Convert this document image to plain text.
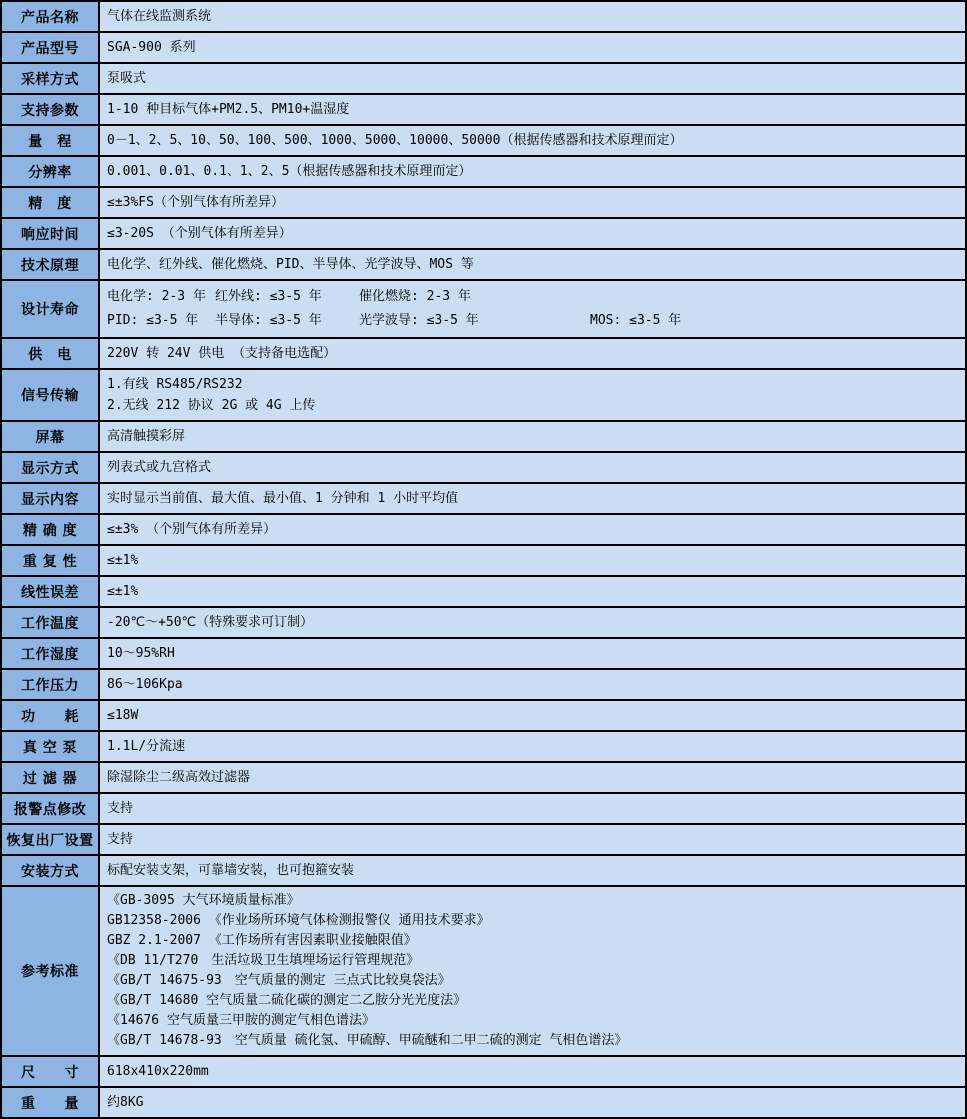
产品名称	气体在线监测系统
产品型号	SGA-900 系列
采样方式	泵吸式
支持参数	1-10 种目标气体+PM2.5、PM10+温湿度
量　程	0－1、2、5、10、50、100、500、1000、5000、10000、50000（根据传感器和技术原理而定）
分辨率	0.001、0.01、0.1、1、2、5（根据传感器和技术原理而定）
精　度	≤±3%FS（个别气体有所差异）
响应时间	≤3-20S （个别气体有所差异）
技术原理	电化学、红外线、催化燃烧、PID、半导体、光学波导、MOS 等
设计寿命	电化学: 2-3 年 红外线: ≤3-5 年 催化燃烧: 2-3 年
PID: ≤3-5 年 半导体: ≤3-5 年 光学波导: ≤3-5 年 MOS: ≤3-5 年

供　电	220V 转 24V 供电 （支持备电选配）
信号传输	1.有线 RS485/RS232
2.无线 212 协议 2G 或 4G 上传

屏幕	高清触摸彩屏
显示方式	列表式或九宫格式
显示内容	实时显示当前值、最大值、最小值、1 分钟和 1 小时平均值
精 确 度	≤±3% （个别气体有所差异）
重 复 性	≤±1%
线性误差	≤±1%
工作温度	-20℃～+50℃（特殊要求可订制）
工作湿度	10～95%RH
工作压力	86～106Kpa
功　　耗	≤18W
真 空 泵	1.1L/分流速
过 滤 器	除湿除尘二级高效过滤器
报警点修改	支持
恢复出厂设置	支持
安装方式	标配安装支架，可靠墙安装，也可抱箍安装
参考标准	
《GB-3095 大气环境质量标准》
GB12358-2006 《作业场所环境气体检测报警仪 通用技术要求》
GBZ 2.1-2007 《工作场所有害因素职业接触限值》
《DB 11/T270　生活垃圾卫生填埋场运行管理规范》
《GB/T 14675-93　空气质量的测定 三点式比较臭袋法》
《GB/T 14680 空气质量二硫化碳的测定二乙胺分光光度法》
《14676 空气质量三甲胺的测定气相色谱法》
《GB/T 14678-93　空气质量 硫化氢、甲硫醇、甲硫醚和二甲二硫的测定 气相色谱法》

尺　　寸	618x410x220mm
重　　量	约8KG
